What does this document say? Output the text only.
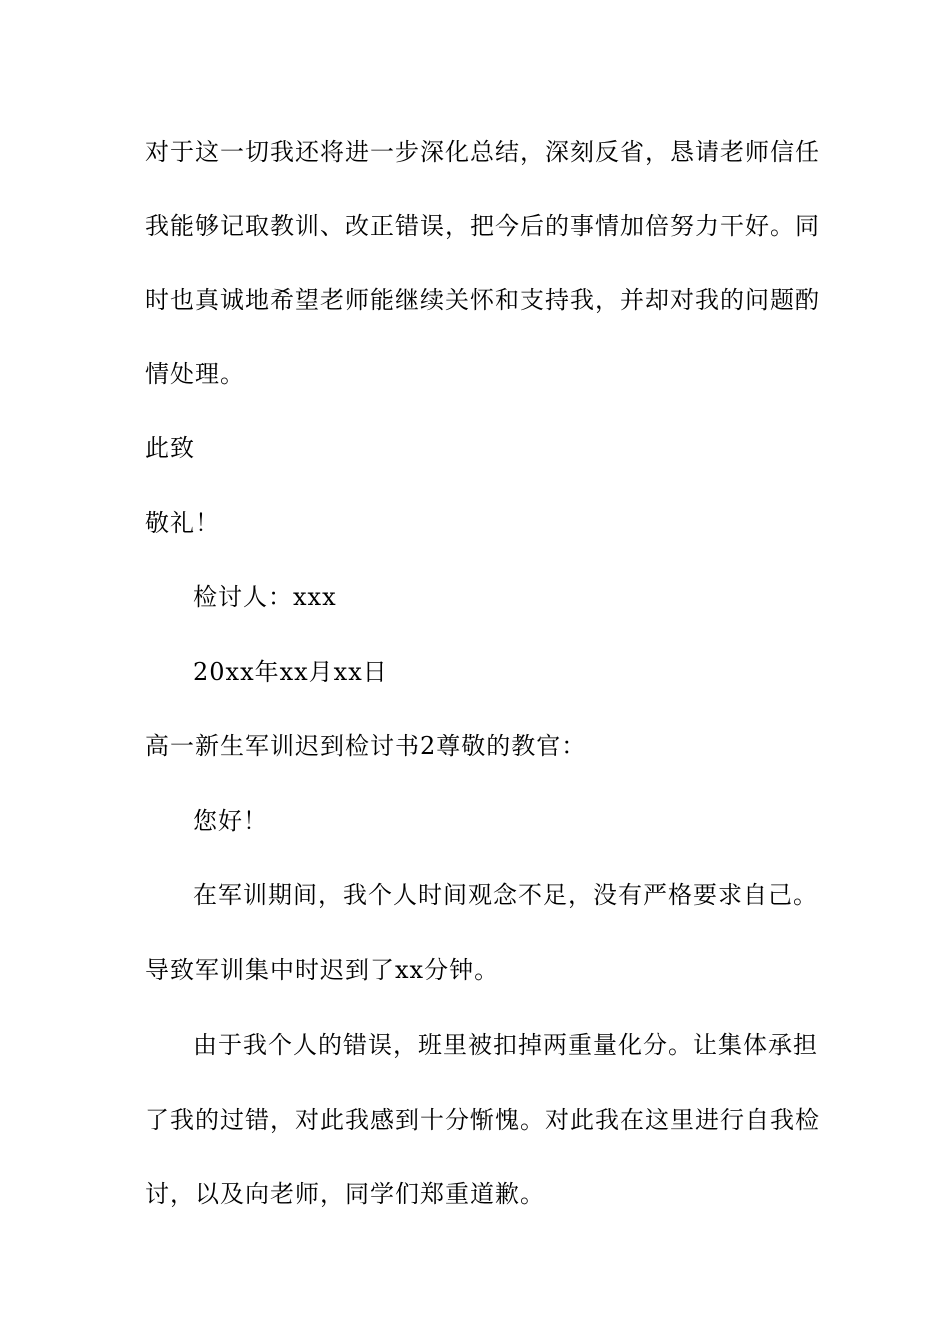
对于这一切我还将进一步深化总结，深刻反省，恳请老师信任
我能够记取教训、改正错误，把今后的事情加倍努力干好。同
时也真诚地希望老师能继续关怀和支持我，并却对我的问题酌
情处理。
此致
敬礼！
检讨人：xxx
20xx年xx月xx日
高一新生军训迟到检讨书2尊敬的教官：
您好！
在军训期间，我个人时间观念不足，没有严格要求自己。
导致军训集中时迟到了xx分钟。
由于我个人的错误，班里被扣掉两重量化分。让集体承担
了我的过错，对此我感到十分惭愧。对此我在这里进行自我检
讨，以及向老师，同学们郑重道歉。
